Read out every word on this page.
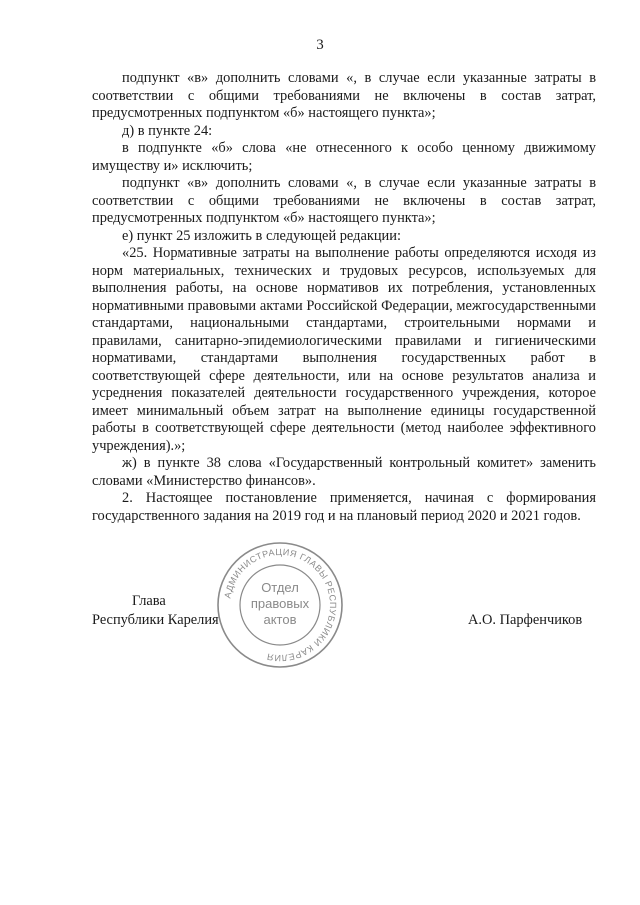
3

подпункт «в» дополнить словами «, в случае если указанные затраты в соответствии с общими требованиями не включены в состав затрат, предусмотренных подпунктом «б» настоящего пункта»;

д) в пункте 24:

в подпункте «б» слова «не отнесенного к особо ценному движимому имуществу и» исключить;

подпункт «в» дополнить словами «, в случае если указанные затраты в соответствии с общими требованиями не включены в состав затрат, предусмотренных подпунктом «б» настоящего пункта»;

е) пункт 25 изложить в следующей редакции:

«25. Нормативные затраты на выполнение работы определяются исходя из норм материальных, технических и трудовых ресурсов, используемых для выполнения работы, на основе нормативов их потребления, установленных нормативными правовыми актами Российской Федерации, межгосударственными стандартами, национальными стандартами, строительными нормами и правилами, санитарно-эпидемиологическими правилами и гигиеническими нормативами, стандартами выполнения государственных работ в соответствующей сфере деятельности, или на основе результатов анализа и усреднения показателей деятельности государственного учреждения, которое имеет минимальный объем затрат на выполнение единицы государственной работы в соответствующей сфере деятельности (метод наиболее эффективного учреждения).»;

ж) в пункте 38 слова «Государственный контрольный комитет» заменить словами «Министерство финансов».

2. Настоящее постановление применяется, начиная с формирования государственного задания на 2019 год и на плановый период 2020 и 2021 годов.

АДМИНИСТРАЦИЯ ГЛАВЫ РЕСПУБЛИКИ КАРЕЛИЯ
Отдел
правовых
актов
Глава
Республики Карелия	А.О. Парфенчиков
